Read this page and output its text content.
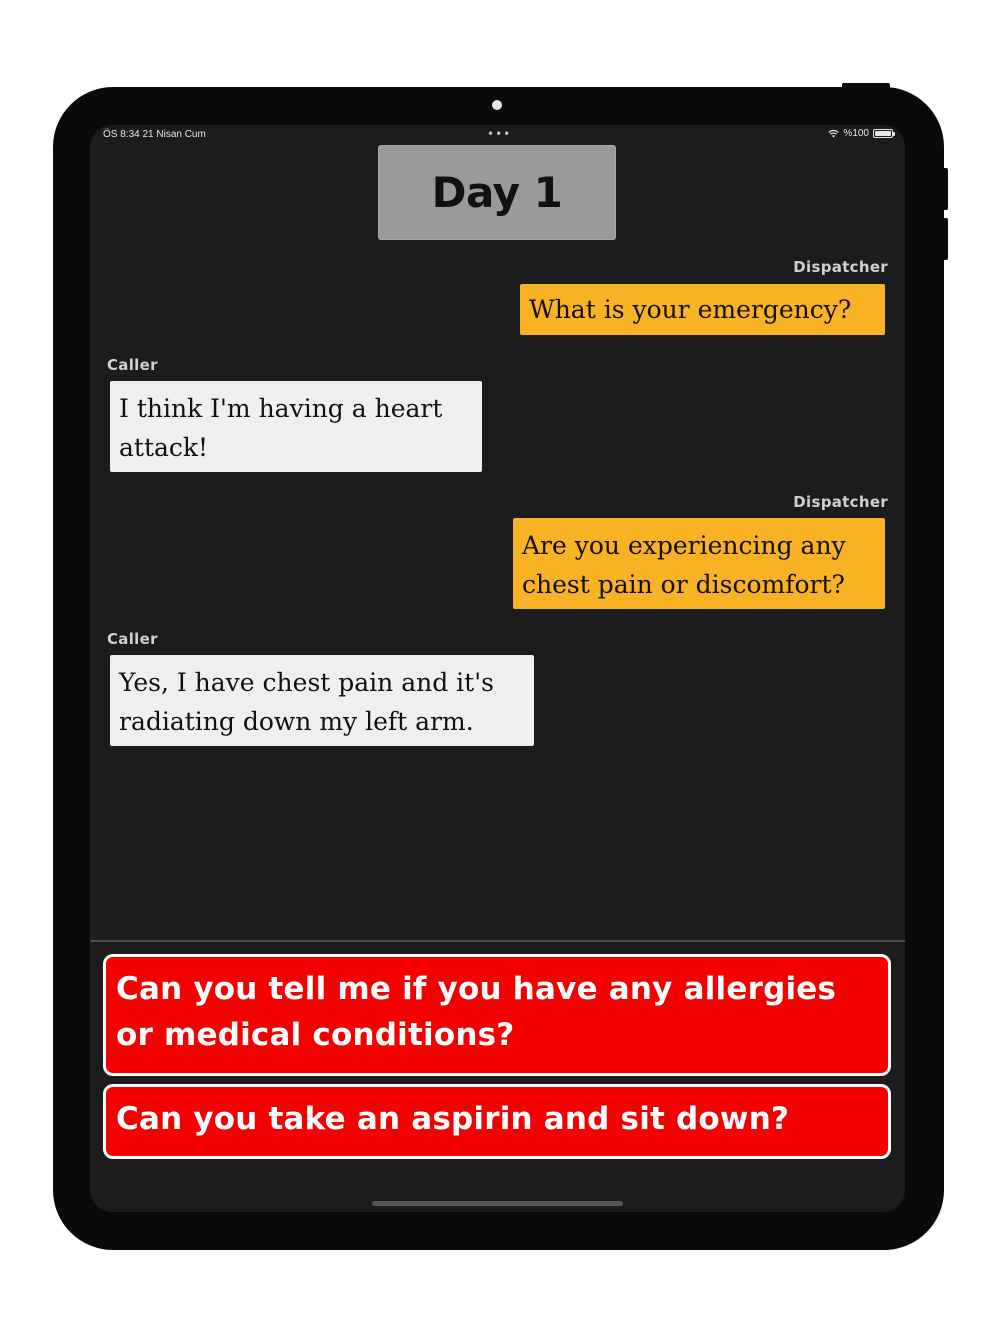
ÖS 8:34 21 Nisan Cum	•••	%100
Day 1
Dispatcher
What is your emergency?
Caller
I think I'm having a heart attack!
Dispatcher
Are you experiencing any chest pain or discomfort?
Caller
Yes, I have chest pain and it's radiating down my left arm.
Can you tell me if you have any allergies or medical conditions?
Can you take an aspirin and sit down?
